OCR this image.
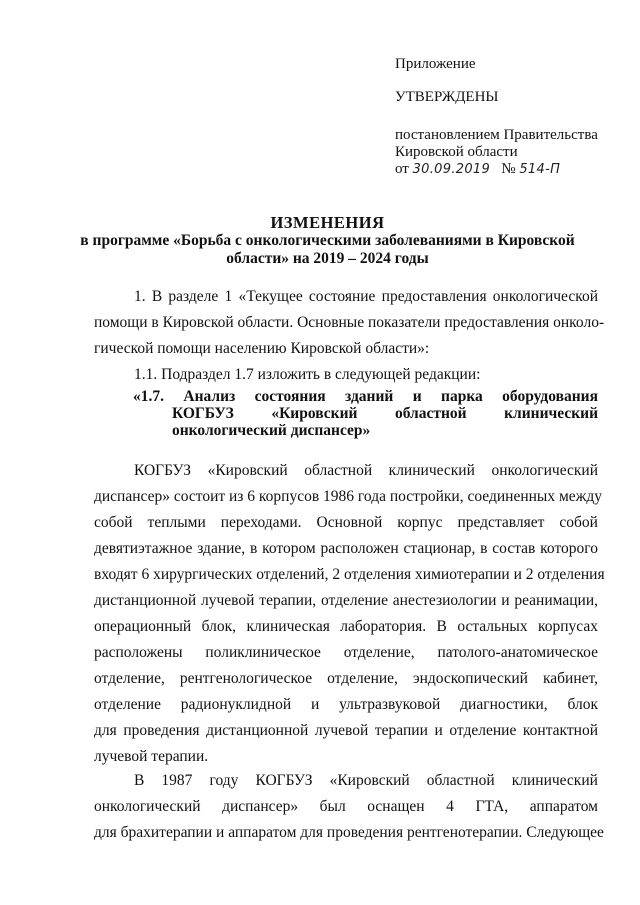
Приложение
УТВЕРЖДЕНЫ
постановлением Правительства
Кировской области
от 30.09.2019 № 514-П
ИЗМЕНЕНИЯ
в программе «Борьба с онкологическими заболеваниями в Кировской
области» на 2019 – 2024 годы
1. В разделе 1 «Текущее состояние предоставления онкологической
помощи в Кировской области. Основные показатели предоставления онколо-
гической помощи населению Кировской области»:
1.1. Подраздел 1.7 изложить в следующей редакции:
«1.7. Анализ состояния зданий и парка оборудования
КОГБУЗ «Кировский областной клинический
онкологический диспансер»
КОГБУЗ «Кировский областной клинический онкологический
диспансер» состоит из 6 корпусов 1986 года постройки, соединенных между
собой теплыми переходами. Основной корпус представляет собой
девятиэтажное здание, в котором расположен стационар, в состав которого
входят 6 хирургических отделений, 2 отделения химиотерапии и 2 отделения
дистанционной лучевой терапии, отделение анестезиологии и реанимации,
операционный блок, клиническая лаборатория. В остальных корпусах
расположены поликлиническое отделение, патолого-анатомическое
отделение, рентгенологическое отделение, эндоскопический кабинет,
отделение радионуклидной и ультразвуковой диагностики, блок
для проведения дистанционной лучевой терапии и отделение контактной
лучевой терапии.
В 1987 году КОГБУЗ «Кировский областной клинический
онкологический диспансер» был оснащен 4 ГТА, аппаратом
для брахитерапии и аппаратом для проведения рентгенотерапии. Следующее
